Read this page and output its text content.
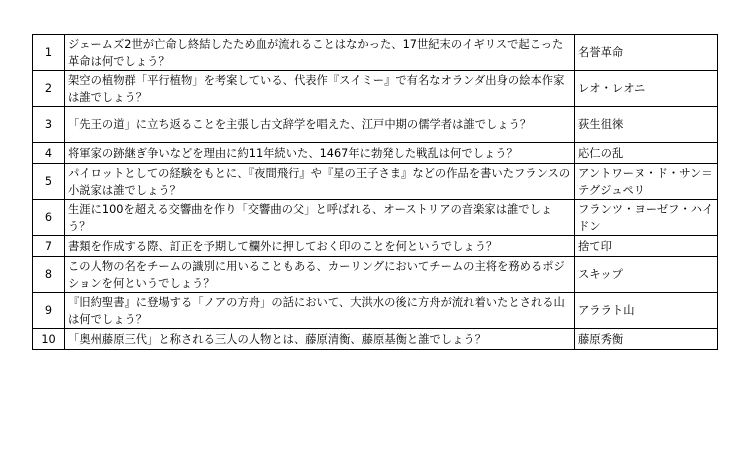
1	ジェームズ2世が亡命し終結したため血が流れることはなかった、17世紀末のイギリスで起こった革命は何でしょう？	名誉革命
2	架空の植物群「平行植物」を考案している、代表作『スイミー』で有名なオランダ出身の絵本作家は誰でしょう？	レオ・レオニ
3	「先王の道」に立ち返ることを主張し古文辞学を唱えた、江戸中期の儒学者は誰でしょう？	荻生徂徠
4	将軍家の跡継ぎ争いなどを理由に約11年続いた、1467年に勃発した戦乱は何でしょう？	応仁の乱
5	パイロットとしての経験をもとに、『夜間飛行』や『星の王子さま』などの作品を書いたフランスの小説家は誰でしょう？	アントワーヌ・ド・サン＝テグジュペリ
6	生涯に100を超える交響曲を作り「交響曲の父」と呼ばれる、オーストリアの音楽家は誰でしょう？	フランツ・ヨーゼフ・ハイドン
7	書類を作成する際、訂正を予期して欄外に押しておく印のことを何というでしょう？	捨て印
8	この人物の名をチームの識別に用いることもある、カーリングにおいてチームの主将を務めるポジションを何というでしょう？	スキップ
9	『旧約聖書』に登場する「ノアの方舟」の話において、大洪水の後に方舟が流れ着いたとされる山は何でしょう？	アララト山
10	「奥州藤原三代」と称される三人の人物とは、藤原清衡、藤原基衡と誰でしょう？	藤原秀衡
